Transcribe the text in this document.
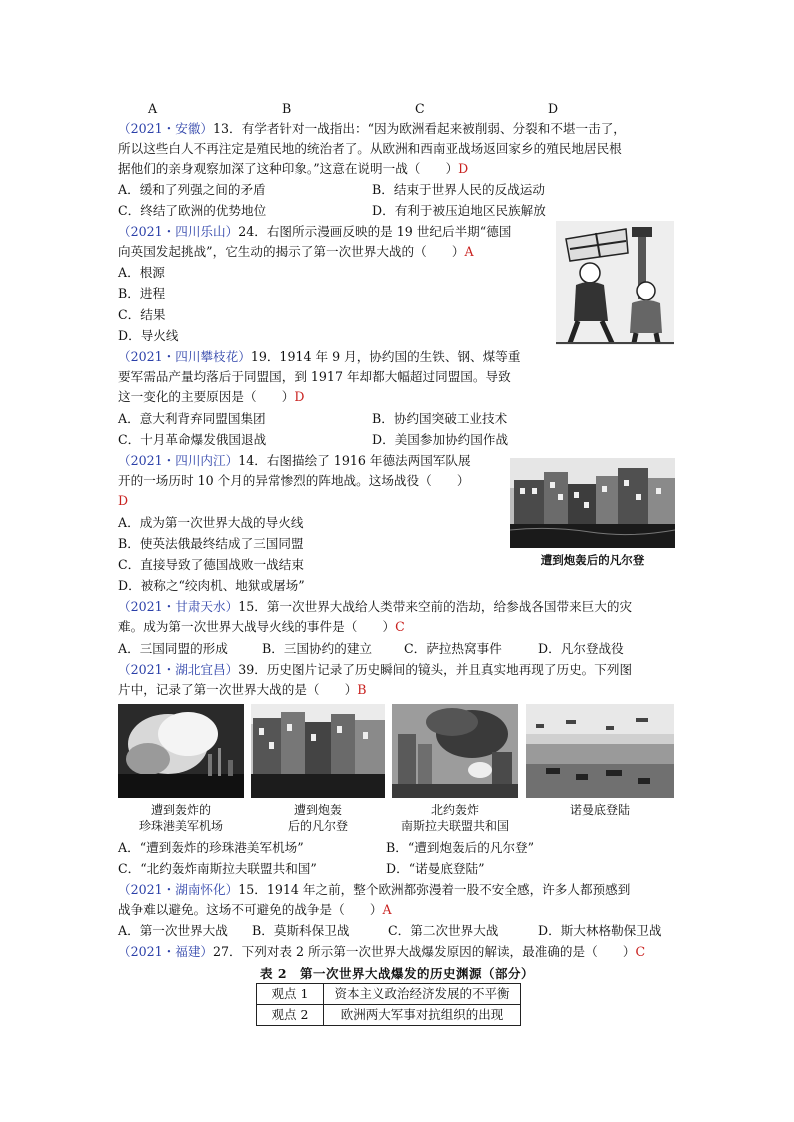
A	B	C	D
（2021・安徽）13．有学者针对一战指出：“因为欧洲看起来被削弱、分裂和不堪一击了，
所以这些白人不再注定是殖民地的统治者了。从欧洲和西南亚战场返回家乡的殖民地居民根
据他们的亲身观察加深了这种印象。”这意在说明一战（　　）D
A．缓和了列强之间的矛盾	B．结束于世界人民的反战运动
C．终结了欧洲的优势地位	D．有利于被压迫地区民族解放
（2021・四川乐山）24．右图所示漫画反映的是 19 世纪后半期“德国
向英国发起挑战”，它生动的揭示了第一次世界大战的（　　）A
A．根源
B．进程
C．结果
D．导火线
（2021・四川攀枝花）19．1914 年 9 月，协约国的生铁、钢、煤等重
要军需品产量均落后于同盟国，到 1917 年却都大幅超过同盟国。导致
这一变化的主要原因是（　　）D
A．意大利背弃同盟国集团	B．协约国突破工业技术
C．十月革命爆发俄国退战	D．美国参加协约国作战
（2021・四川内江）14．右图描绘了 1916 年德法两国军队展
开的一场历时 10 个月的异常惨烈的阵地战。这场战役（　　）
D
A．成为第一次世界大战的导火线
B．使英法俄最终结成了三国同盟
C．直接导致了德国战败一战结束
D．被称之“绞肉机、地狱或屠场”
遭到炮轰后的凡尔登
（2021・甘肃天水）15．第一次世界大战给人类带来空前的浩劫，给参战各国带来巨大的灾
难。成为第一次世界大战导火线的事件是（　　）C
A．三国同盟的形成	B．三国协约的建立	C．萨拉热窝事件	D．凡尔登战役
（2021・湖北宜昌）39．历史图片记录了历史瞬间的镜头，并且真实地再现了历史。下列图
片中，记录了第一次世界大战的是（　　）B
遭到轰炸的
珍珠港美军机场
遭到炮轰
后的凡尔登
北约轰炸
南斯拉夫联盟共和国
诺曼底登陆
A．“遭到轰炸的珍珠港美军机场”	B．“遭到炮轰后的凡尔登”
C．“北约轰炸南斯拉夫联盟共和国”	D．“诺曼底登陆”
（2021・湖南怀化）15．1914 年之前，整个欧洲都弥漫着一股不安全感，许多人都预感到
战争难以避免。这场不可避免的战争是（　　）A
A．第一次世界大战 B．莫斯科保卫战	C．第二次世界大战	D．斯大林格勒保卫战
（2021・福建）27．下列对表 2 所示第一次世界大战爆发原因的解读，最准确的是（　　）C
表 2　第一次世界大战爆发的历史渊源（部分）
观点 1	资本主义政治经济发展的不平衡
观点 2	欧洲两大军事对抗组织的出现
